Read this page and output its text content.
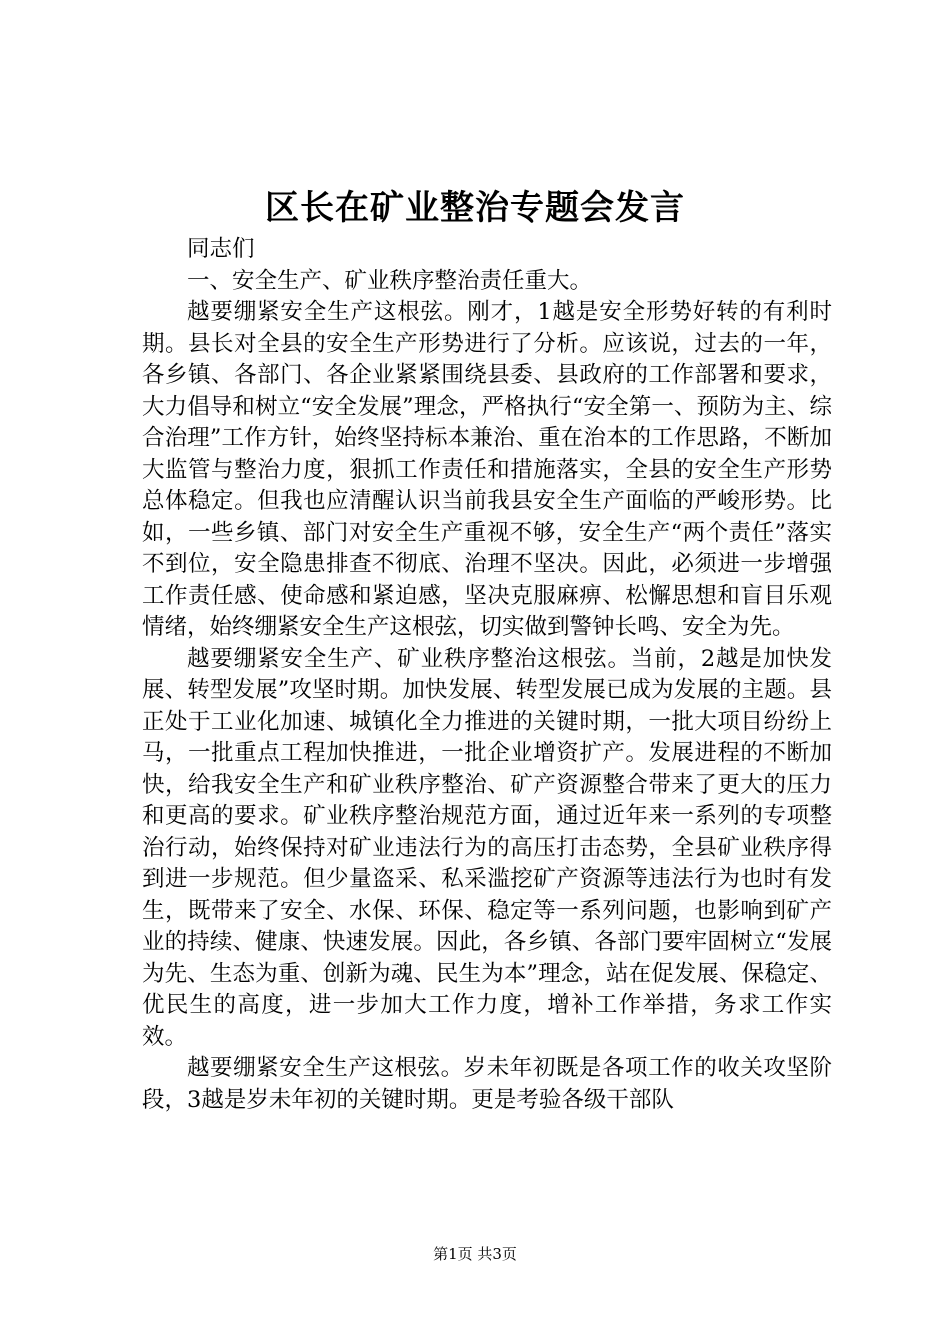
区长在矿业整治专题会发言

同志们

一、安全生产、矿业秩序整治责任重大。

越要绷紧安全生产这根弦。刚才，1越是安全形势好转的有利时期。县长对全县的安全生产形势进行了分析。应该说，过去的一年，各乡镇、各部门、各企业紧紧围绕县委、县政府的工作部署和要求，大力倡导和树立“安全发展”理念，严格执行“安全第一、预防为主、综合治理”工作方针，始终坚持标本兼治、重在治本的工作思路，不断加大监管与整治力度，狠抓工作责任和措施落实，全县的安全生产形势总体稳定。但我也应清醒认识当前我县安全生产面临的严峻形势。比如，一些乡镇、部门对安全生产重视不够，安全生产“两个责任”落实不到位，安全隐患排查不彻底、治理不坚决。因此，必须进一步增强工作责任感、使命感和紧迫感，坚决克服麻痹、松懈思想和盲目乐观情绪，始终绷紧安全生产这根弦，切实做到警钟长鸣、安全为先。

越要绷紧安全生产、矿业秩序整治这根弦。当前，2越是加快发展、转型发展”攻坚时期。加快发展、转型发展已成为发展的主题。县正处于工业化加速、城镇化全力推进的关键时期，一批大项目纷纷上马，一批重点工程加快推进，一批企业增资扩产。发展进程的不断加快，给我安全生产和矿业秩序整治、矿产资源整合带来了更大的压力和更高的要求。矿业秩序整治规范方面，通过近年来一系列的专项整治行动，始终保持对矿业违法行为的高压打击态势，全县矿业秩序得到进一步规范。但少量盗采、私采滥挖矿产资源等违法行为也时有发生，既带来了安全、水保、环保、稳定等一系列问题，也影响到矿产业的持续、健康、快速发展。因此，各乡镇、各部门要牢固树立“发展为先、生态为重、创新为魂、民生为本”理念，站在促发展、保稳定、优民生的高度，进一步加大工作力度，增补工作举措，务求工作实效。

越要绷紧安全生产这根弦。岁未年初既是各项工作的收关攻坚阶段，3越是岁未年初的关键时期。更是考验各级干部队

第1页 共3页
